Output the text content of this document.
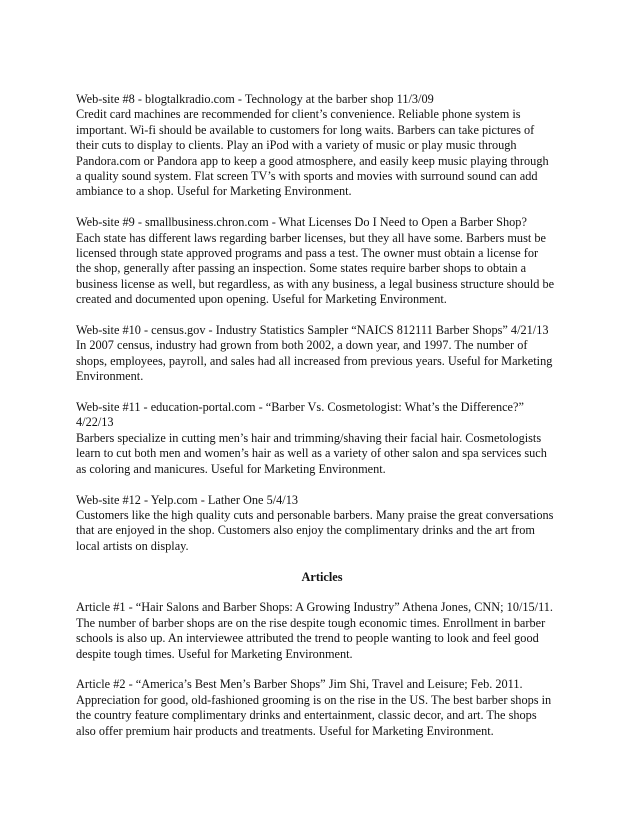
Web-site #8 - blogtalkradio.com - Technology at the barber shop 11/3/09
Credit card machines are recommended for client’s convenience. Reliable phone system is
important. Wi-fi should be available to customers for long waits. Barbers can take pictures of
their cuts to display to clients. Play an iPod with a variety of music or play music through
Pandora.com or Pandora app to keep a good atmosphere, and easily keep music playing through
a quality sound system. Flat screen TV’s with sports and movies with surround sound can add
ambiance to a shop. Useful for Marketing Environment.
Web-site #9 - smallbusiness.chron.com - What Licenses Do I Need to Open a Barber Shop?
Each state has different laws regarding barber licenses, but they all have some. Barbers must be
licensed through state approved programs and pass a test. The owner must obtain a license for
the shop, generally after passing an inspection. Some states require barber shops to obtain a
business license as well, but regardless, as with any business, a legal business structure should be
created and documented upon opening. Useful for Marketing Environment.
Web-site #10 - census.gov - Industry Statistics Sampler “NAICS 812111 Barber Shops” 4/21/13
In 2007 census, industry had grown from both 2002, a down year, and 1997. The number of
shops, employees, payroll, and sales had all increased from previous years. Useful for Marketing
Environment.
Web-site #11 - education-portal.com - “Barber Vs. Cosmetologist: What’s the Difference?”
4/22/13
Barbers specialize in cutting men’s hair and trimming/shaving their facial hair. Cosmetologists
learn to cut both men and women’s hair as well as a variety of other salon and spa services such
as coloring and manicures. Useful for Marketing Environment.
Web-site #12 - Yelp.com - Lather One 5/4/13
Customers like the high quality cuts and personable barbers. Many praise the great conversations
that are enjoyed in the shop. Customers also enjoy the complimentary drinks and the art from
local artists on display.
Articles
Article #1 - “Hair Salons and Barber Shops: A Growing Industry” Athena Jones, CNN; 10/15/11.
The number of barber shops are on the rise despite tough economic times. Enrollment in barber
schools is also up. An interviewee attributed the trend to people wanting to look and feel good
despite tough times. Useful for Marketing Environment.
Article #2 - “America’s Best Men’s Barber Shops” Jim Shi, Travel and Leisure; Feb. 2011.
Appreciation for good, old-fashioned grooming is on the rise in the US. The best barber shops in
the country feature complimentary drinks and entertainment, classic decor, and art. The shops
also offer premium hair products and treatments. Useful for Marketing Environment.
